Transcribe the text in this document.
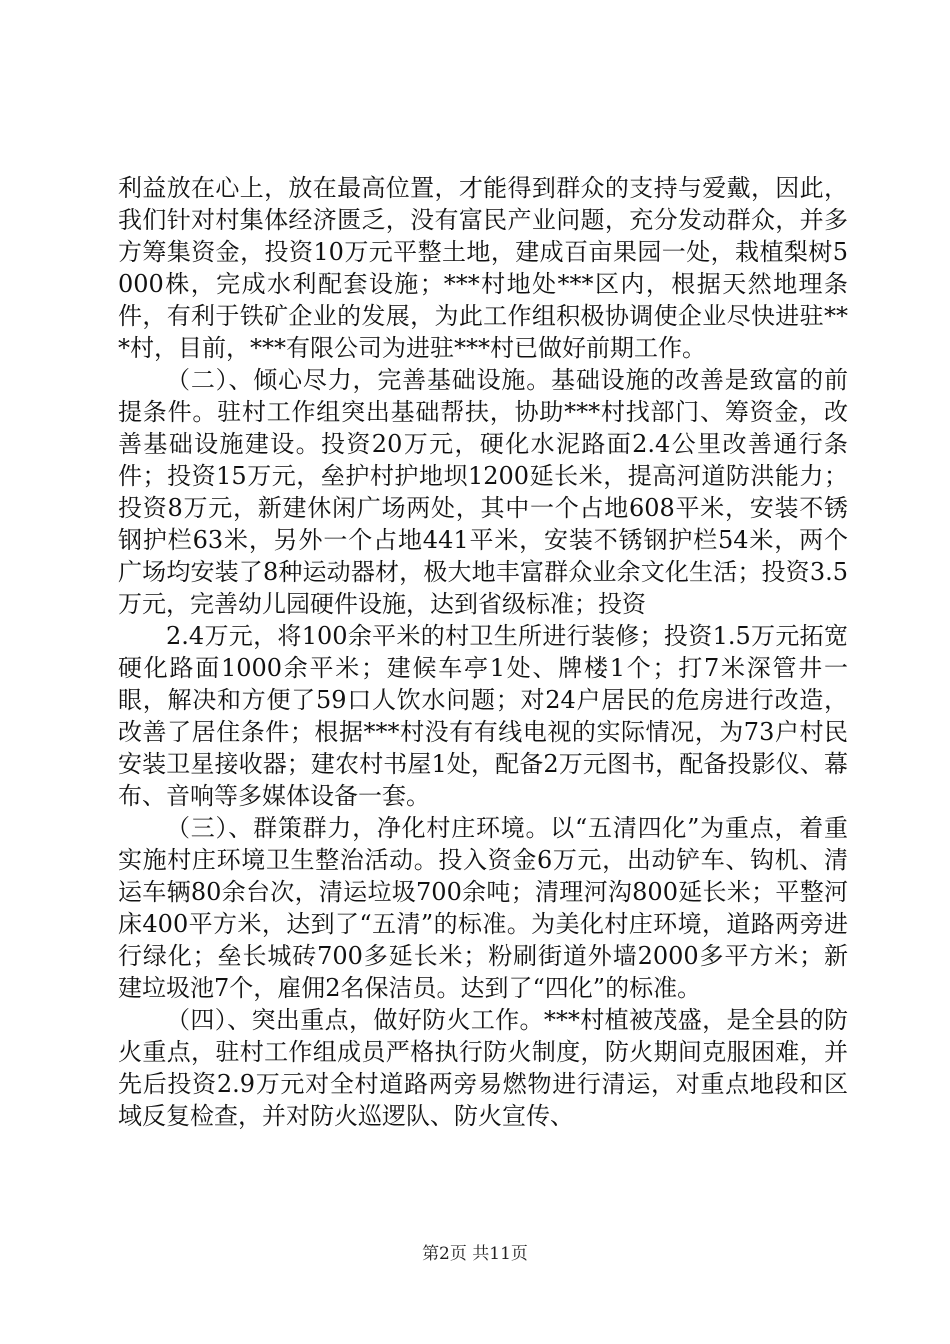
利益放在心上，放在最高位置，才能得到群众的支持与爱戴，因此，我们针对村集体经济匮乏，没有富民产业问题，充分发动群众，并多方筹集资金，投资10万元平整土地，建成百亩果园一处，栽植梨树5000株，完成水利配套设施；***村地处***区内，根据天然地理条件，有利于铁矿企业的发展，为此工作组积极协调使企业尽快进驻***村，目前，***有限公司为进驻***村已做好前期工作。

（二）、倾心尽力，完善基础设施。基础设施的改善是致富的前提条件。驻村工作组突出基础帮扶，协助***村找部门、筹资金，改善基础设施建设。投资20万元，硬化水泥路面2.4公里改善通行条件；投资15万元，垒护村护地坝1200延长米，提高河道防洪能力；投资8万元，新建休闲广场两处，其中一个占地608平米，安装不锈钢护栏63米，另外一个占地441平米，安装不锈钢护栏54米，两个广场均安装了8种运动器材，极大地丰富群众业余文化生活；投资3.5万元，完善幼儿园硬件设施，达到省级标准；投资

2.4万元，将100余平米的村卫生所进行装修；投资1.5万元拓宽硬化路面1000余平米；建候车亭1处、牌楼1个；打7米深管井一眼，解决和方便了59口人饮水问题；对24户居民的危房进行改造，改善了居住条件；根据***村没有有线电视的实际情况，为73户村民安装卫星接收器；建农村书屋1处，配备2万元图书，配备投影仪、幕布、音响等多媒体设备一套。

（三）、群策群力，净化村庄环境。以“五清四化”为重点，着重实施村庄环境卫生整治活动。投入资金6万元，出动铲车、钩机、清运车辆80余台次，清运垃圾700余吨；清理河沟800延长米；平整河床400平方米，达到了“五清”的标准。为美化村庄环境，道路两旁进行绿化；垒长城砖700多延长米；粉刷街道外墙2000多平方米；新建垃圾池7个，雇佣2名保洁员。达到了“四化”的标准。

（四）、突出重点，做好防火工作。***村植被茂盛，是全县的防火重点，驻村工作组成员严格执行防火制度，防火期间克服困难，并先后投资2.9万元对全村道路两旁易燃物进行清运，对重点地段和区域反复检查，并对防火巡逻队、防火宣传、

第2页 共11页
